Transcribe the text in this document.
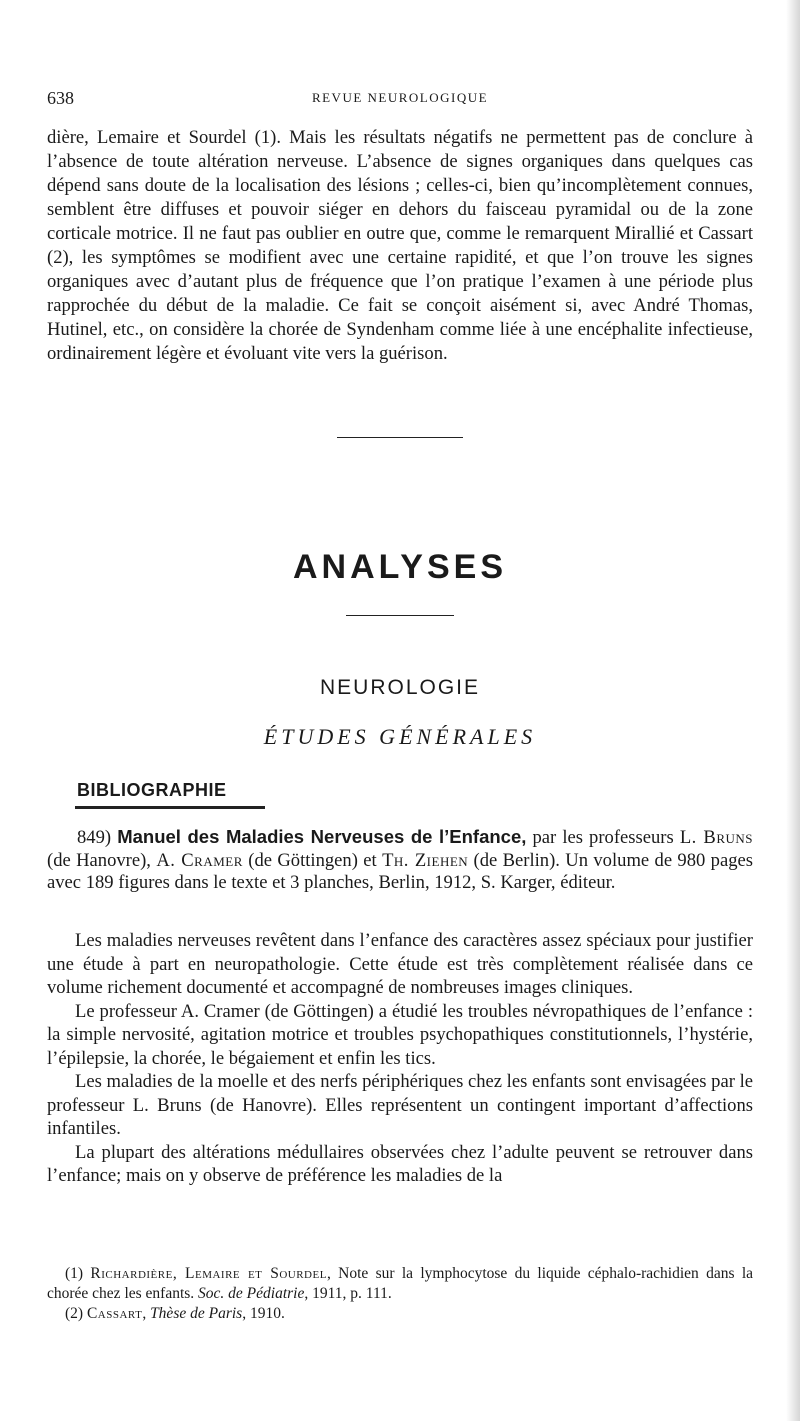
638	REVUE NEUROLOGIQUE
dière, Lemaire et Sourdel (1). Mais les résultats négatifs ne permettent pas de conclure à l’absence de toute altération nerveuse. L’absence de signes organiques dans quelques cas dépend sans doute de la localisation des lésions ; celles-ci, bien qu’incomplètement connues, semblent être diffuses et pouvoir siéger en dehors du faisceau pyramidal ou de la zone corticale motrice. Il ne faut pas oublier en outre que, comme le remarquent Mirallié et Cassart (2), les symptômes se modifient avec une certaine rapidité, et que l’on trouve les signes organiques avec d’autant plus de fréquence que l’on pratique l’examen à une période plus rapprochée du début de la maladie. Ce fait se conçoit aisément si, avec André Thomas, Hutinel, etc., on considère la chorée de Syndenham comme liée à une encéphalite infectieuse, ordinairement légère et évoluant vite vers la guérison.
ANALYSES
NEUROLOGIE
ÉTUDES GÉNÉRALES
BIBLIOGRAPHIE
849) Manuel des Maladies Nerveuses de l’Enfance, par les professeurs L. Bruns (de Hanovre), A. Cramer (de Göttingen) et Th. Ziehen (de Berlin). Un volume de 980 pages avec 189 figures dans le texte et 3 planches, Berlin, 1912, S. Karger, éditeur.

Les maladies nerveuses revêtent dans l’enfance des caractères assez spéciaux pour justifier une étude à part en neuropathologie. Cette étude est très complètement réalisée dans ce volume richement documenté et accompagné de nombreuses images cliniques.

Le professeur A. Cramer (de Göttingen) a étudié les troubles névropathiques de l’enfance : la simple nervosité, agitation motrice et troubles psychopathiques constitutionnels, l’hystérie, l’épilepsie, la chorée, le bégaiement et enfin les tics.

Les maladies de la moelle et des nerfs périphériques chez les enfants sont envisagées par le professeur L. Bruns (de Hanovre). Elles représentent un contingent important d’affections infantiles.

La plupart des altérations médullaires observées chez l’adulte peuvent se retrouver dans l’enfance; mais on y observe de préférence les maladies de la

(1) Richardière, Lemaire et Sourdel, Note sur la lymphocytose du liquide céphalo-rachidien dans la chorée chez les enfants. Soc. de Pédiatrie, 1911, p. 111.

(2) Cassart, Thèse de Paris, 1910.
